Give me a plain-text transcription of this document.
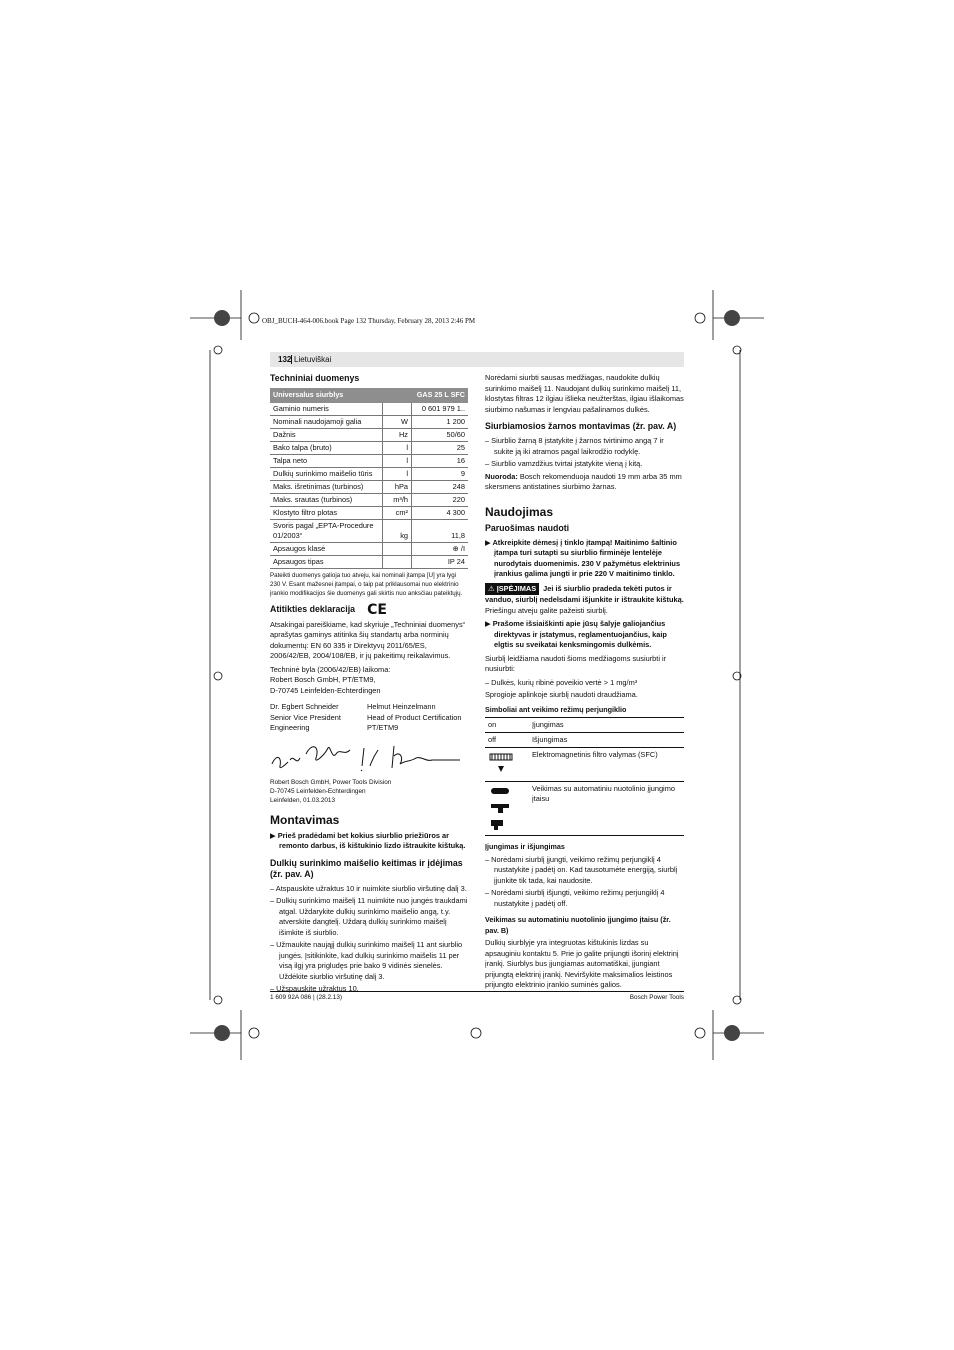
OBJ_BUCH-464-006.book Page 132 Thursday, February 28, 2013 2:46 PM
132 Lietuviškai
Techniniai duomenys
Universalus siurblys		GAS 25 L SFC
Gaminio numeris		0 601 979 1..
Nominali naudojamoji galia	W	1 200
Dažnis	Hz	50/60
Bako talpa (bruto)	l	25
Talpa neto	l	16
Dulkių surinkimo maišelio tūris	l	9
Maks. išretinimas (turbinos)	hPa	248
Maks. srautas (turbinos)	m³/h	220
Klostyto filtro plotas	cm²	4 300
Svoris pagal „EPTA-Procedure 01/2003“	kg	11,8
Apsaugos klasė		⊕ /I
Apsaugos tipas		IP 24
Pateikti duomenys galioja tuo atveju, kai nominali įtampa [U] yra lygi 230 V. Esant mažesnei įtampai, o taip pat priklausomai nuo elektrinio įrankio modifikacijos šie duomenys gali skirtis nuo anksčiau pateiktųjų.
Atitikties deklaracija CE

Atsakingai pareiškiame, kad skyriuje „Techniniai duomenys“ aprašytas gaminys atitinka šių standartų arba norminių dokumentų: EN 60 335 ir Direktyvų 2011/65/ES, 2006/42/EB, 2004/108/EB, ir jų pakeitimų reikalavimus.

Techninė byla (2006/42/EB) laikoma:
Robert Bosch GmbH, PT/ETM9,
D-70745 Leinfelden-Echterdingen

Dr. Egbert Schneider
Senior Vice President
Engineering
Helmut Heinzelmann
Head of Product Certification
PT/ETM9
Robert Bosch GmbH, Power Tools Division
D-70745 Leinfelden-Echterdingen
Leinfelden, 01.03.2013
Montavimas

▶ Prieš pradėdami bet kokius siurblio priežiūros ar remonto darbus, iš kištukinio lizdo ištraukite kištuką.

Dulkių surinkimo maišelio keitimas ir įdėjimas (žr. pav. A)

– Atspauskite užraktus 10 ir nuimkite siurblio viršutinę dalį 3.

– Dulkių surinkimo maišelį 11 nuimkite nuo jungės traukdami atgal. Uždarykite dulkių surinkimo maišelio angą, t.y. atverskite dangtelį. Uždarą dulkių surinkimo maišelį išimkite iš siurblio.

– Užmaukite naująjį dulkių surinkimo maišelį 11 ant siurblio jungės. Įsitikinkite, kad dulkių surinkimo maišelis 11 per visą ilgį yra prigludęs prie bako 9 vidinės sienelės. Uždėkite siurblio viršutinę dalį 3.

– Užspauskite užraktus 10.

Norėdami siurbti sausas medžiagas, naudokite dulkių surinkimo maišelį 11. Naudojant dulkių surinkimo maišelį 11, klostytas filtras 12 ilgiau išlieka neužterštas, ilgiau išlaikomas siurbimo našumas ir lengviau pašalinamos dulkės.

Siurbiamosios žarnos montavimas (žr. pav. A)

– Siurblio žarną 8 įstatykite į žarnos tvirtinimo angą 7 ir sukite ją iki atramos pagal laikrodžio rodyklę.

– Siurblio vamzdžius tvirtai įstatykite vieną į kitą.

Nuoroda: Bosch rekomenduoja naudoti 19 mm arba 35 mm skersmens antistatines siurbimo žarnas.

Naudojimas
Paruošimas naudoti

▶ Atkreipkite dėmesį į tinklo įtampą! Maitinimo šaltinio įtampa turi sutapti su siurblio firminėje lentelėje nurodytais duomenimis. 230 V pažymėtus elektrinius įrankius galima jungti ir prie 220 V maitinimo tinklo.

⚠ ĮSPĖJIMAS Jei iš siurblio pradeda tekėti putos ir vanduo, siurblį nedelsdami išjunkite ir ištraukite kištuką. Priešingu atveju galite pažeisti siurblį.

▶ Prašome išsiaiškinti apie jūsų šalyje galiojančius direktyvas ir įstatymus, reglamentuojančius, kaip elgtis su sveikatai kenksmingomis dulkėmis.

Siurblį leidžiama naudoti šioms medžiagoms susiurbti ir nusiurbti:

– Dulkės, kurių ribinė poveikio vertė > 1 mg/m³

Sprogioje aplinkoje siurblį naudoti draudžiama.

Simboliai ant veikimo režimų perjungiklio
on	Įjungimas
off	Išjungimas
	Elektromagnetinis filtro valymas (SFC)
	Veikimas su automatiniu nuotolinio įjungimo įtaisu
Įjungimas ir išjungimas

– Norėdami siurblį įjungti, veikimo režimų perjungiklį 4 nustatykite į padėtį on. Kad tausotumėte energiją, siurblį įjunkite tik tada, kai naudosite.

– Norėdami siurblį išjungti, veikimo režimų perjungiklį 4 nustatykite į padėtį off.

Veikimas su automatiniu nuotolinio įjungimo įtaisu (žr. pav. B)

Dulkių siurblyje yra integruotas kištukinis lizdas su apsauginiu kontaktu 5. Prie jo galite prijungti išorinį elektrinį įrankį. Siurblys bus įjungiamas automatiškai, įjungiant prijungtą elektrinį įrankį. Neviršykite maksimalios leistinos prijungto elektrinio įrankio suminės galios.

1 609 92A 086 | (28.2.13)	Bosch Power Tools
